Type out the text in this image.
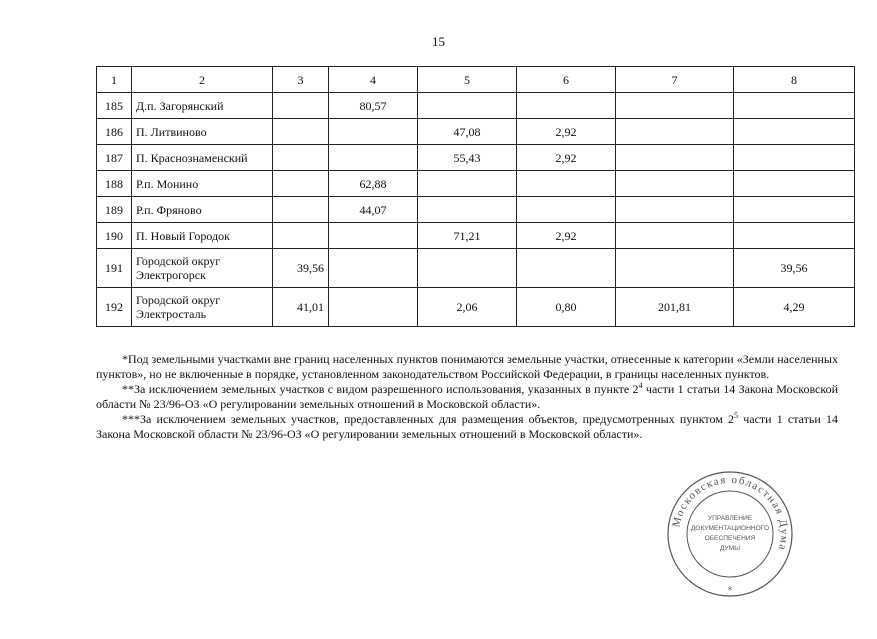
15
1	2	3	4	5	6	7	8
185	Д.п. Загорянский		80,57				
186	П. Литвиново			47,08	2,92		
187	П. Краснознаменский			55,43	2,92		
188	Р.п. Монино		62,88				
189	Р.п. Фряново		44,07				
190	П. Новый Городок			71,21	2,92		
191	Городской округ
Электрогорск	39,56					39,56
192	Городской округ
Электросталь	41,01		2,06	0,80	201,81	4,29

*Под земельными участками вне границ населенных пунктов понимаются земельные участки, отнесенные к категории «Земли населенных пунктов», но не включенные в порядке, установленном законодательством Российской Федерации, в границы населенных пунктов.

**За исключением земельных участков с видом разрешенного использования, указанных в пункте $2^4$ части 1 статьи 14 Закона Московской области № 23/96-ОЗ «О регулировании земельных отношений в Московской области».

***За исключением земельных участков, предоставленных для размещения объектов, предусмотренных пунктом $2^5$ части 1 статьи 14 Закона Московской области № 23/96-ОЗ «О регулировании земельных отношений в Московской области».

Московская областная Дума
УПРАВЛЕНИЕ
ДОКУМЕНТАЦИОННОГО
ОБЕСПЕЧЕНИЯ
ДУМЫ
*
